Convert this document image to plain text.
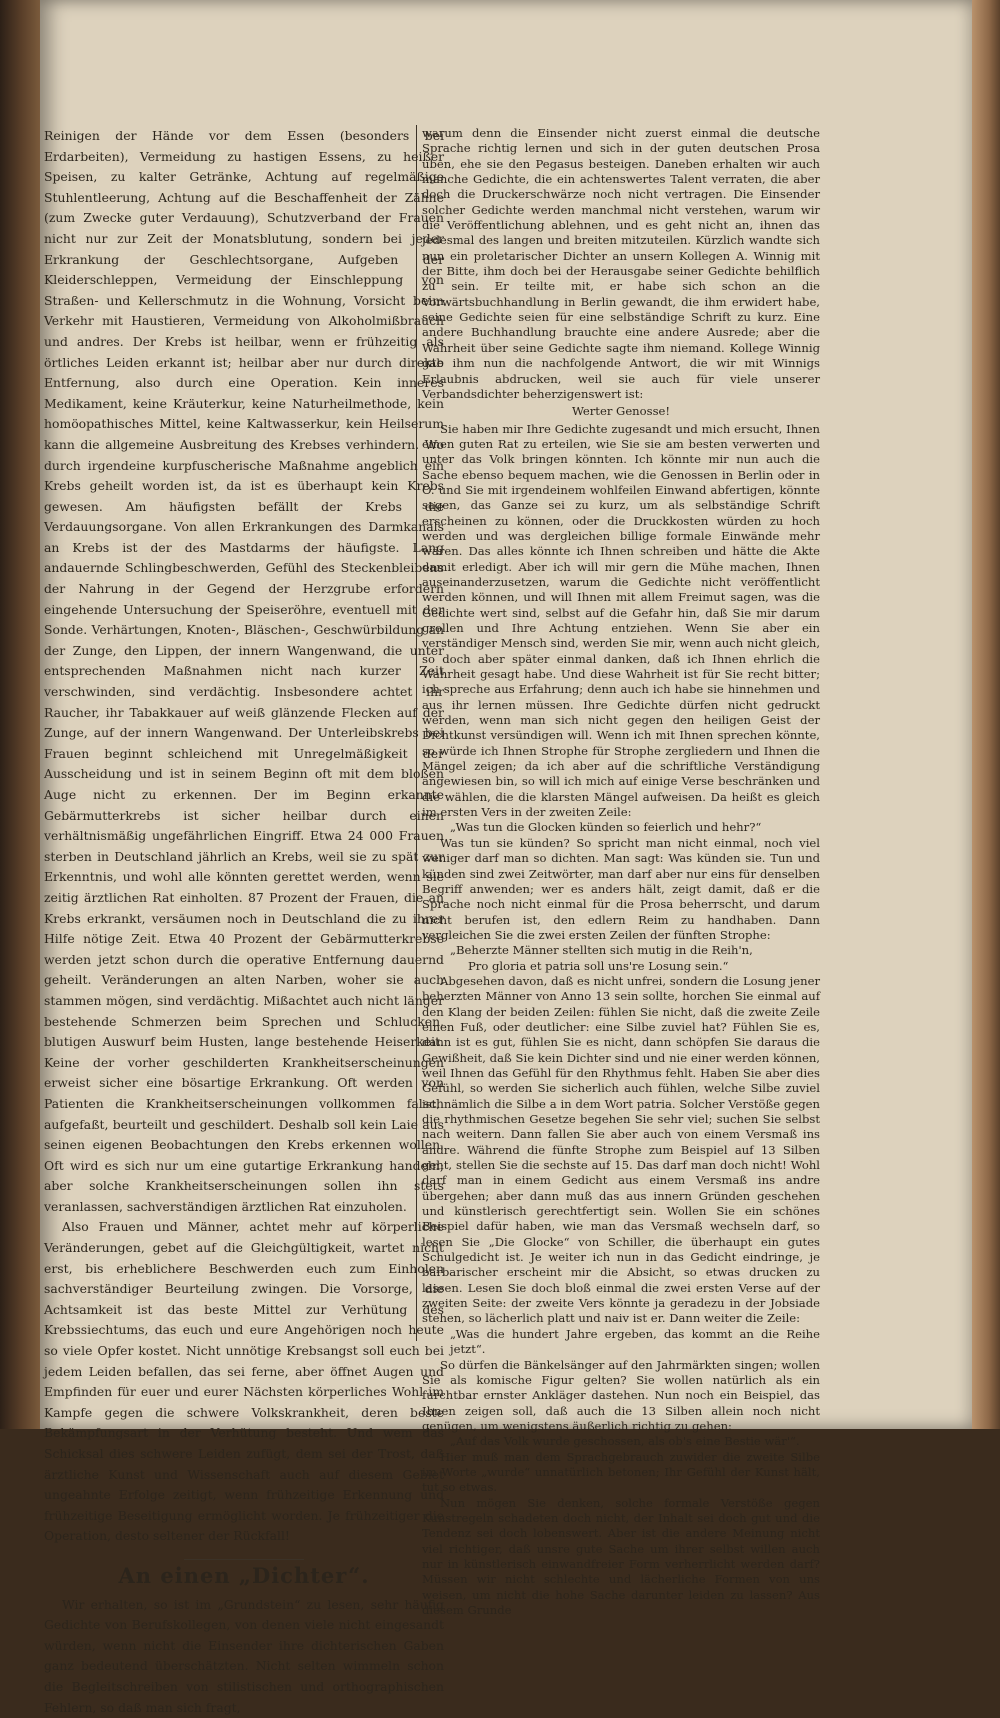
Reinigen der Hände vor dem Essen (besonders bei Erdarbeiten), Vermeidung zu hastigen Essens, zu heißer Speisen, zu kalter Getränke, Achtung auf regelmäßige Stuhlentleerung, Achtung auf die Beschaffenheit der Zähne (zum Zwecke guter Verdauung), Schutzverband der Frauen nicht nur zur Zeit der Monatsblutung, sondern bei jeder Erkrankung der Geschlechtsorgane, Aufgeben der Kleiderschleppen, Vermeidung der Einschleppung von Straßen- und Kellerschmutz in die Wohnung, Vorsicht beim Verkehr mit Haustieren, Vermeidung von Alkoholmißbrauch und andres. Der Krebs ist heilbar, wenn er frühzeitig als örtliches Leiden erkannt ist; heilbar aber nur durch direkte Entfernung, also durch eine Operation. Kein inneres Medikament, keine Kräuterkur, keine Naturheilmethode, kein homöopathisches Mittel, keine Kaltwasserkur, kein Heilserum kann die allgemeine Ausbreitung des Krebses verhindern. Wo durch irgendeine kurpfuscherische Maßnahme angeblich ein Krebs geheilt worden ist, da ist es überhaupt kein Krebs gewesen. Am häufigsten befällt der Krebs die Verdauungsorgane. Von allen Erkrankungen des Darmkanals an Krebs ist der des Mastdarms der häufigste. Lang andauernde Schlingbeschwerden, Gefühl des Steckenbleibens der Nahrung in der Gegend der Herzgrube erfordern eingehende Untersuchung der Speiseröhre, eventuell mit der Sonde. Verhärtungen, Knoten-, Bläschen-, Geschwürbildung an der Zunge, den Lippen, der innern Wangenwand, die unter entsprechenden Maßnahmen nicht nach kurzer Zeit verschwinden, sind verdächtig. Insbesondere achtet ihr Raucher, ihr Tabakkauer auf weiß glänzende Flecken auf der Zunge, auf der innern Wangenwand. Der Unterleibskrebs bei Frauen beginnt schleichend mit Unregelmäßigkeit der Ausscheidung und ist in seinem Beginn oft mit dem bloßen Auge nicht zu erkennen. Der im Beginn erkannte Gebärmutterkrebs ist sicher heilbar durch einen verhältnismäßig ungefährlichen Eingriff. Etwa 24 000 Frauen sterben in Deutschland jährlich an Krebs, weil sie zu spät zur Erkenntnis, und wohl alle könnten gerettet werden, wenn sie zeitig ärztlichen Rat einholten. 87 Prozent der Frauen, die an Krebs erkrankt, versäumen noch in Deutschland die zu ihrer Hilfe nötige Zeit. Etwa 40 Prozent der Gebärmutterkrebse werden jetzt schon durch die operative Entfernung dauernd geheilt. Veränderungen an alten Narben, woher sie auch stammen mögen, sind verdächtig. Mißachtet auch nicht länger bestehende Schmerzen beim Sprechen und Schlucken, blutigen Auswurf beim Husten, lange bestehende Heiserkeit. Keine der vorher geschilderten Krankheitserscheinungen erweist sicher eine bösartige Erkrankung. Oft werden von Patienten die Krankheitserscheinungen vollkommen falsch aufgefaßt, beurteilt und geschildert. Deshalb soll kein Laie aus seinen eigenen Beobachtungen den Krebs erkennen wollen. Oft wird es sich nur um eine gutartige Erkrankung handeln; aber solche Krankheitserscheinungen sollen ihn stets veranlassen, sachverständigen ärztlichen Rat einzuholen.

Also Frauen und Männer, achtet mehr auf körperliche Veränderungen, gebet auf die Gleichgültigkeit, wartet nicht erst, bis erheblichere Beschwerden euch zum Einholen sachverständiger Beurteilung zwingen. Die Vorsorge, die Achtsamkeit ist das beste Mittel zur Verhütung des Krebssiechtums, das euch und eure Angehörigen noch heute so viele Opfer kostet. Nicht unnötige Krebsangst soll euch bei jedem Leiden befallen, das sei ferne, aber öffnet Augen und Empfinden für euer und eurer Nächsten körperliches Wohl im Kampfe gegen die schwere Volkskrankheit, deren beste Bekämpfungsart in der Verhütung besteht. Und wem das Schicksal dies schwere Leiden zufügt, dem sei der Trost, daß ärztliche Kunst und Wissenschaft auch auf diesem Gebiet ungeahnte Erfolge zeitigt, wenn frühzeitige Erkennung und frühzeitige Beseitigung ermöglicht worden. Je frühzeitiger die Operation, desto seltener der Rückfall!

An einen „Dichter“.

Wir erhalten, so ist im „Grundstein“ zu lesen, sehr häufig Gedichte von Berufskollegen, von denen viele nicht eingesandt würden, wenn nicht die Einsender ihre dichterischen Gaben ganz bedeutend überschätzten. Nicht selten wimmeln schon die Begleitschreiben von stilistischen und orthographischen Fehlern, so daß man sich fragt,

warum denn die Einsender nicht zuerst einmal die deutsche Sprache richtig lernen und sich in der guten deutschen Prosa üben, ehe sie den Pegasus besteigen. Daneben erhalten wir auch manche Gedichte, die ein achtenswertes Talent verraten, die aber doch die Druckerschwärze noch nicht vertragen. Die Einsender solcher Gedichte werden manchmal nicht verstehen, warum wir die Veröffentlichung ablehnen, und es geht nicht an, ihnen das jedesmal des langen und breiten mitzuteilen. Kürzlich wandte sich nun ein proletarischer Dichter an unsern Kollegen A. Winnig mit der Bitte, ihm doch bei der Herausgabe seiner Gedichte behilflich zu sein. Er teilte mit, er habe sich schon an die Vorwärtsbuchhandlung in Berlin gewandt, die ihm erwidert habe, seine Gedichte seien für eine selbständige Schrift zu kurz. Eine andere Buchhandlung brauchte eine andere Ausrede; aber die Wahrheit über seine Gedichte sagte ihm niemand. Kollege Winnig gab ihm nun die nachfolgende Antwort, die wir mit Winnigs Erlaubnis abdrucken, weil sie auch für viele unserer Verbandsdichter beherzigenswert ist:

Werter Genosse!

Sie haben mir Ihre Gedichte zugesandt und mich ersucht, Ihnen einen guten Rat zu erteilen, wie Sie sie am besten verwerten und unter das Volk bringen könnten. Ich könnte mir nun auch die Sache ebenso bequem machen, wie die Genossen in Berlin oder in O. und Sie mit irgendeinem wohlfeilen Einwand abfertigen, könnte sagen, das Ganze sei zu kurz, um als selbständige Schrift erscheinen zu können, oder die Druckkosten würden zu hoch werden und was dergleichen billige formale Einwände mehr wären. Das alles könnte ich Ihnen schreiben und hätte die Akte damit erledigt. Aber ich will mir gern die Mühe machen, Ihnen auseinanderzusetzen, warum die Gedichte nicht veröffentlicht werden können, und will Ihnen mit allem Freimut sagen, was die Gedichte wert sind, selbst auf die Gefahr hin, daß Sie mir darum grollen und Ihre Achtung entziehen. Wenn Sie aber ein verständiger Mensch sind, werden Sie mir, wenn auch nicht gleich, so doch aber später einmal danken, daß ich Ihnen ehrlich die Wahrheit gesagt habe. Und diese Wahrheit ist für Sie recht bitter; ich spreche aus Erfahrung; denn auch ich habe sie hinnehmen und aus ihr lernen müssen. Ihre Gedichte dürfen nicht gedruckt werden, wenn man sich nicht gegen den heiligen Geist der Dichtkunst versündigen will. Wenn ich mit Ihnen sprechen könnte, so würde ich Ihnen Strophe für Strophe zergliedern und Ihnen die Mängel zeigen; da ich aber auf die schriftliche Verständigung angewiesen bin, so will ich mich auf einige Verse beschränken und die wählen, die die klarsten Mängel aufweisen. Da heißt es gleich im ersten Vers in der zweiten Zeile:

„Was tun die Glocken künden so feierlich und hehr?“

Was tun sie künden? So spricht man nicht einmal, noch viel weniger darf man so dichten. Man sagt: Was künden sie. Tun und künden sind zwei Zeitwörter, man darf aber nur eins für denselben Begriff anwenden; wer es anders hält, zeigt damit, daß er die Sprache noch nicht einmal für die Prosa beherrscht, und darum nicht berufen ist, den edlern Reim zu handhaben. Dann vergleichen Sie die zwei ersten Zeilen der fünften Strophe:

„Beherzte Männer stellten sich mutig in die Reih'n,

Pro gloria et patria soll uns're Losung sein.“

Abgesehen davon, daß es nicht unfrei, sondern die Losung jener beherzten Männer von Anno 13 sein sollte, horchen Sie einmal auf den Klang der beiden Zeilen: fühlen Sie nicht, daß die zweite Zeile einen Fuß, oder deutlicher: eine Silbe zuviel hat? Fühlen Sie es, dann ist es gut, fühlen Sie es nicht, dann schöpfen Sie daraus die Gewißheit, daß Sie kein Dichter sind und nie einer werden können, weil Ihnen das Gefühl für den Rhythmus fehlt. Haben Sie aber dies Gefühl, so werden Sie sicherlich auch fühlen, welche Silbe zuviel ist, nämlich die Silbe a in dem Wort patria. Solcher Verstöße gegen die rhythmischen Gesetze begehen Sie sehr viel; suchen Sie selbst nach weitern. Dann fallen Sie aber auch von einem Versmaß ins andre. Während die fünfte Strophe zum Beispiel auf 13 Silben geht, stellen Sie die sechste auf 15. Das darf man doch nicht! Wohl darf man in einem Gedicht aus einem Versmaß ins andre übergehen; aber dann muß das aus innern Gründen geschehen und künstlerisch gerechtfertigt sein. Wollen Sie ein schönes Beispiel dafür haben, wie man das Versmaß wechseln darf, so lesen Sie „Die Glocke“ von Schiller, die überhaupt ein gutes Schulgedicht ist. Je weiter ich nun in das Gedicht eindringe, je barbarischer erscheint mir die Absicht, so etwas drucken zu lassen. Lesen Sie doch bloß einmal die zwei ersten Verse auf der zweiten Seite: der zweite Vers könnte ja geradezu in der Jobsiade stehen, so lächerlich platt und naiv ist er. Dann weiter die Zeile:

„Was die hundert Jahre ergeben, das kommt an die Reihe jetzt“.

So dürfen die Bänkelsänger auf den Jahrmärkten singen; wollen Sie als komische Figur gelten? Sie wollen natürlich als ein furchtbar ernster Ankläger dastehen. Nun noch ein Beispiel, das Ihnen zeigen soll, daß auch die 13 Silben allein noch nicht genügen, um wenigstens äußerlich richtig zu gehen:

„Auf das Volk wurde geschossen, als ob's eine Bestie wär'“.

Hier muß man dem Sprachgebrauch zuwider die zweite Silbe im Worte „wurde“ unnatürlich betonen; Ihr Gefühl der Kunst hält, tut so etwas.

Nun mögen Sie denken, solche formale Verstöße gegen Kunstregeln schadeten doch nicht, der Inhalt sei doch gut und die Tendenz sei doch lobenswert. Aber ist die andere Meinung nicht viel richtiger, daß unsre gute Sache um ihrer selbst willen auch nur in künstlerisch einwandfreier Form verherrlicht werden darf? Müssen wir nicht schlechte und lächerliche Formen von uns weisen, um nicht die hohe Sache darunter leiden zu lassen? Aus diesem Grunde
